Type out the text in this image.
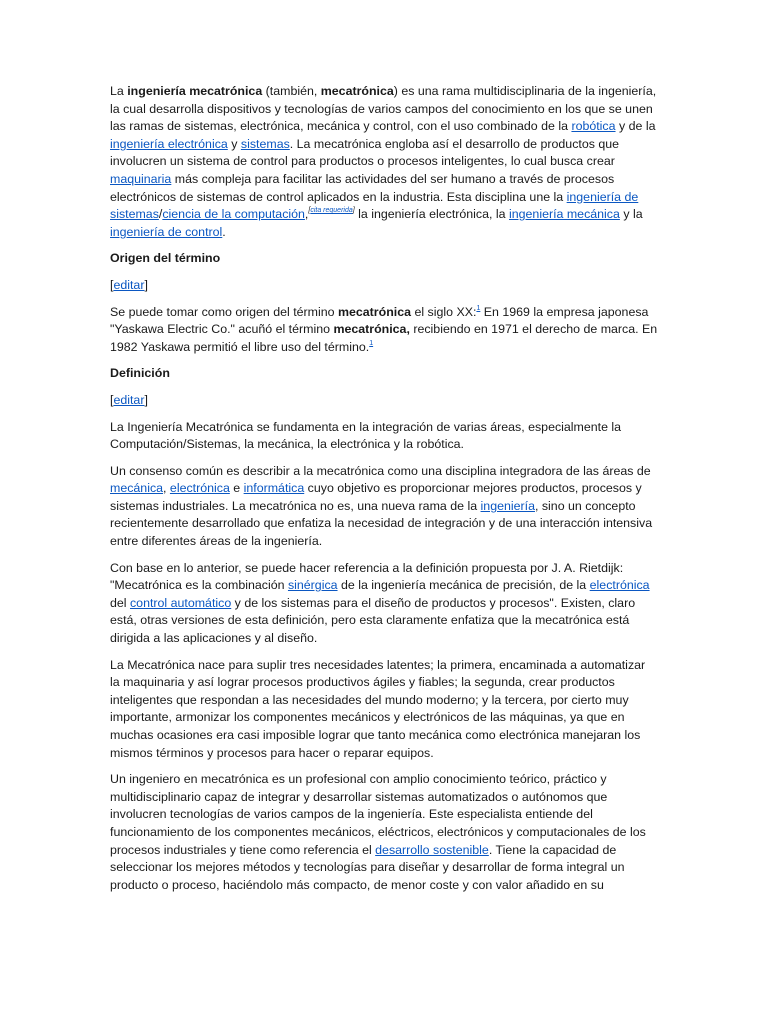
La ingeniería mecatrónica (también, mecatrónica) es una rama multidisciplinaria de la ingeniería, la cual desarrolla dispositivos y tecnologías de varios campos del conocimiento en los que se unen las ramas de sistemas, electrónica, mecánica y control, con el uso combinado de la robótica y de la ingeniería electrónica y sistemas. La mecatrónica engloba así el desarrollo de productos que involucren un sistema de control para productos o procesos inteligentes, lo cual busca crear maquinaria más compleja para facilitar las actividades del ser humano a través de procesos electrónicos de sistemas de control aplicados en la industria. Esta disciplina une la ingeniería de sistemas/ciencia de la computación,[cita requerida] la ingeniería electrónica, la ingeniería mecánica y la ingeniería de control.

Origen del término

[editar]

Se puede tomar como origen del término mecatrónica el siglo XX:$^1$ En 1969 la empresa japonesa "Yaskawa Electric Co." acuñó el término mecatrónica, recibiendo en 1971 el derecho de marca. En 1982 Yaskawa permitió el libre uso del término.$^1$

Definición

[editar]

La Ingeniería Mecatrónica se fundamenta en la integración de varias áreas, especialmente la Computación/Sistemas, la mecánica, la electrónica y la robótica.

Un consenso común es describir a la mecatrónica como una disciplina integradora de las áreas de mecánica, electrónica e informática cuyo objetivo es proporcionar mejores productos, procesos y sistemas industriales. La mecatrónica no es, una nueva rama de la ingeniería, sino un concepto recientemente desarrollado que enfatiza la necesidad de integración y de una interacción intensiva entre diferentes áreas de la ingeniería.

Con base en lo anterior, se puede hacer referencia a la definición propuesta por J. A. Rietdijk: "Mecatrónica es la combinación sinérgica de la ingeniería mecánica de precisión, de la electrónica del control automático y de los sistemas para el diseño de productos y procesos". Existen, claro está, otras versiones de esta definición, pero esta claramente enfatiza que la mecatrónica está dirigida a las aplicaciones y al diseño.

La Mecatrónica nace para suplir tres necesidades latentes; la primera, encaminada a automatizar la maquinaria y así lograr procesos productivos ágiles y fiables; la segunda, crear productos inteligentes que respondan a las necesidades del mundo moderno; y la tercera, por cierto muy importante, armonizar los componentes mecánicos y electrónicos de las máquinas, ya que en muchas ocasiones era casi imposible lograr que tanto mecánica como electrónica manejaran los mismos términos y procesos para hacer o reparar equipos.

Un ingeniero en mecatrónica es un profesional con amplio conocimiento teórico, práctico y multidisciplinario capaz de integrar y desarrollar sistemas automatizados o autónomos que involucren tecnologías de varios campos de la ingeniería. Este especialista entiende del funcionamiento de los componentes mecánicos, eléctricos, electrónicos y computacionales de los procesos industriales y tiene como referencia el desarrollo sostenible. Tiene la capacidad de seleccionar los mejores métodos y tecnologías para diseñar y desarrollar de forma integral un producto o proceso, haciéndolo más compacto, de menor coste y con valor añadido en su
